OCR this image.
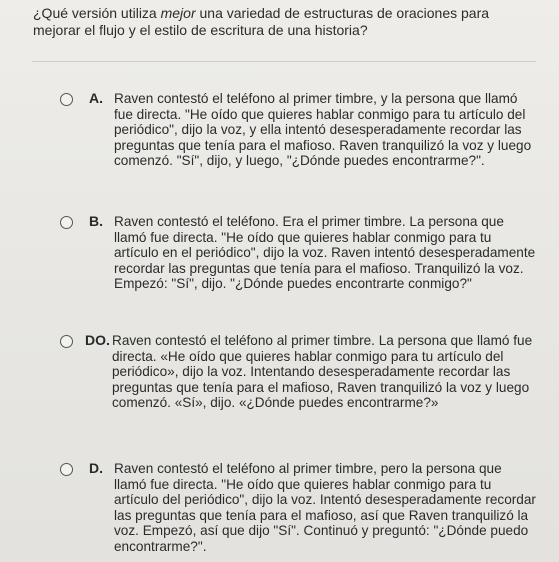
¿Qué versión utiliza mejor una variedad de estructuras de oraciones para mejorar el flujo y el estilo de escritura de una historia?

A. Raven contestó el teléfono al primer timbre, y la persona que llamó fue directa. "He oído que quieres hablar conmigo para tu artículo del periódico", dijo la voz, y ella intentó desesperadamente recordar las preguntas que tenía para el mafioso. Raven tranquilizó la voz y luego comenzó. "Sí", dijo, y luego, "¿Dónde puedes encontrarme?".
B. Raven contestó el teléfono. Era el primer timbre. La persona que llamó fue directa. "He oído que quieres hablar conmigo para tu artículo en el periódico", dijo la voz. Raven intentó desesperadamente recordar las preguntas que tenía para el mafioso. Tranquilizó la voz. Empezó: "Sí", dijo. "¿Dónde puedes encontrarte conmigo?"
DO. Raven contestó el teléfono al primer timbre. La persona que llamó fue directa. «He oído que quieres hablar conmigo para tu artículo del periódico», dijo la voz. Intentando desesperadamente recordar las preguntas que tenía para el mafioso, Raven tranquilizó la voz y luego comenzó. «Sí», dijo. «¿Dónde puedes encontrarme?»
D. Raven contestó el teléfono al primer timbre, pero la persona que llamó fue directa. "He oído que quieres hablar conmigo para tu artículo del periódico", dijo la voz. Intentó desesperadamente recordar las preguntas que tenía para el mafioso, así que Raven tranquilizó la voz. Empezó, así que dijo "Sí". Continuó y preguntó: "¿Dónde puedo encontrarme?".
